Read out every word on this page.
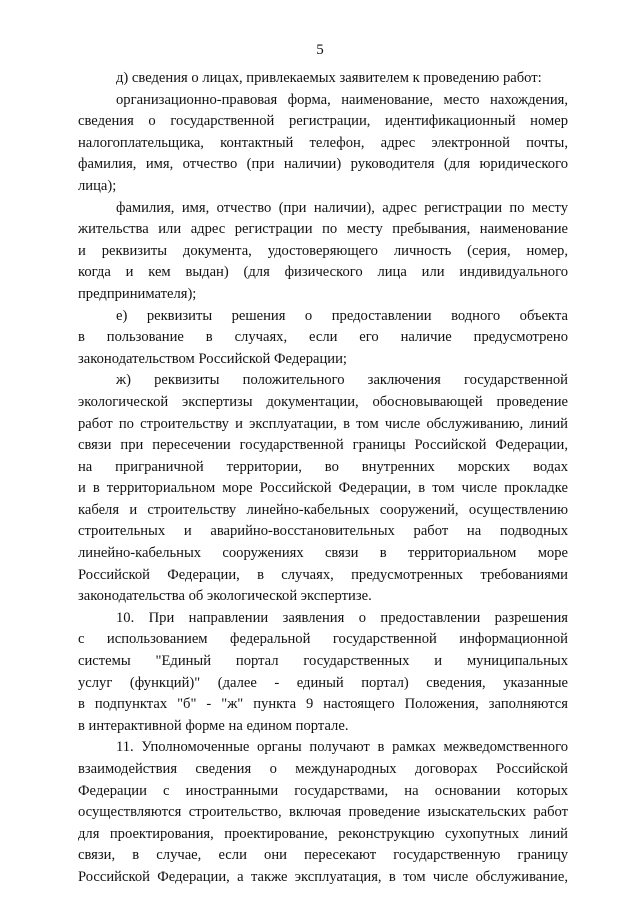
5
д) сведения о лицах, привлекаемых заявителем к проведению работ:
организационно-правовая форма, наименование, место нахождения,
сведения о государственной регистрации, идентификационный номер
налогоплательщика, контактный телефон, адрес электронной почты,
фамилия, имя, отчество (при наличии) руководителя (для юридического
лица);
фамилия, имя, отчество (при наличии), адрес регистрации по месту
жительства или адрес регистрации по месту пребывания, наименование
и реквизиты документа, удостоверяющего личность (серия, номер,
когда и кем выдан) (для физического лица или индивидуального
предпринимателя);
е) реквизиты решения о предоставлении водного объекта
в пользование в случаях, если его наличие предусмотрено
законодательством Российской Федерации;
ж) реквизиты положительного заключения государственной
экологической экспертизы документации, обосновывающей проведение
работ по строительству и эксплуатации, в том числе обслуживанию, линий
связи при пересечении государственной границы Российской Федерации,
на приграничной территории, во внутренних морских водах
и в территориальном море Российской Федерации, в том числе прокладке
кабеля и строительству линейно-кабельных сооружений, осуществлению
строительных и аварийно-восстановительных работ на подводных
линейно-кабельных сооружениях связи в территориальном море
Российской Федерации, в случаях, предусмотренных требованиями
законодательства об экологической экспертизе.
10. При направлении заявления о предоставлении разрешения
с использованием федеральной государственной информационной
системы "Единый портал государственных и муниципальных
услуг (функций)" (далее - единый портал) сведения, указанные
в подпунктах "б" - "ж" пункта 9 настоящего Положения, заполняются
в интерактивной форме на едином портале.
11. Уполномоченные органы получают в рамках межведомственного
взаимодействия сведения о международных договорах Российской
Федерации с иностранными государствами, на основании которых
осуществляются строительство, включая проведение изыскательских работ
для проектирования, проектирование, реконструкцию сухопутных линий
связи, в случае, если они пересекают государственную границу
Российской Федерации, а также эксплуатация, в том числе обслуживание,
